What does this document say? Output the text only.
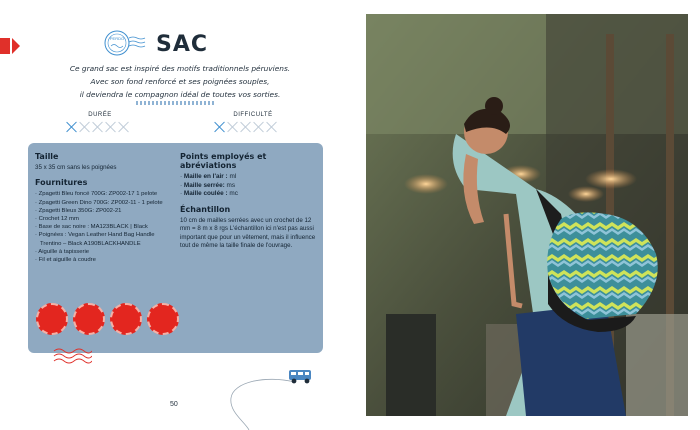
PERDO SAC
Ce grand sac est inspiré des motifs traditionnels péruviens.
Avec son fond renforcé et ses poignées souples,
il deviendra le compagnon idéal de toutes vos sorties.
DURÉE	DIFFICULTÉ
Taille
35 x 35 cm sans les poignées
Fournitures
· Zpagetti Bleu foncé 700G: ZP002-17 1 pelote
· Zpagetti Green Dino 700G: ZP002-11 - 1 pelote
· Zpagetti Bleus 350G: ZP002-21
· Crochet 12 mm
· Base de sac noire : MA123BLACK | Black
· Poignées : Vegan Leather Hand Bag Handle Trentino – Black A190BLACKHANDLE
· Aiguille à tapisserie
· Fil et aiguille à coudre
Points employés et abréviations
· Maille en l'air : ml
· Maille serrée: ms
· Maille coulée : mc
Échantillon
10 cm de mailles serrées avec un crochet de 12 mm = 8 m x 8 rgs L'échantillon ici n'est pas aussi important que pour un vêtement, mais il influence tout de même la taille finale de l'ouvrage.
50
